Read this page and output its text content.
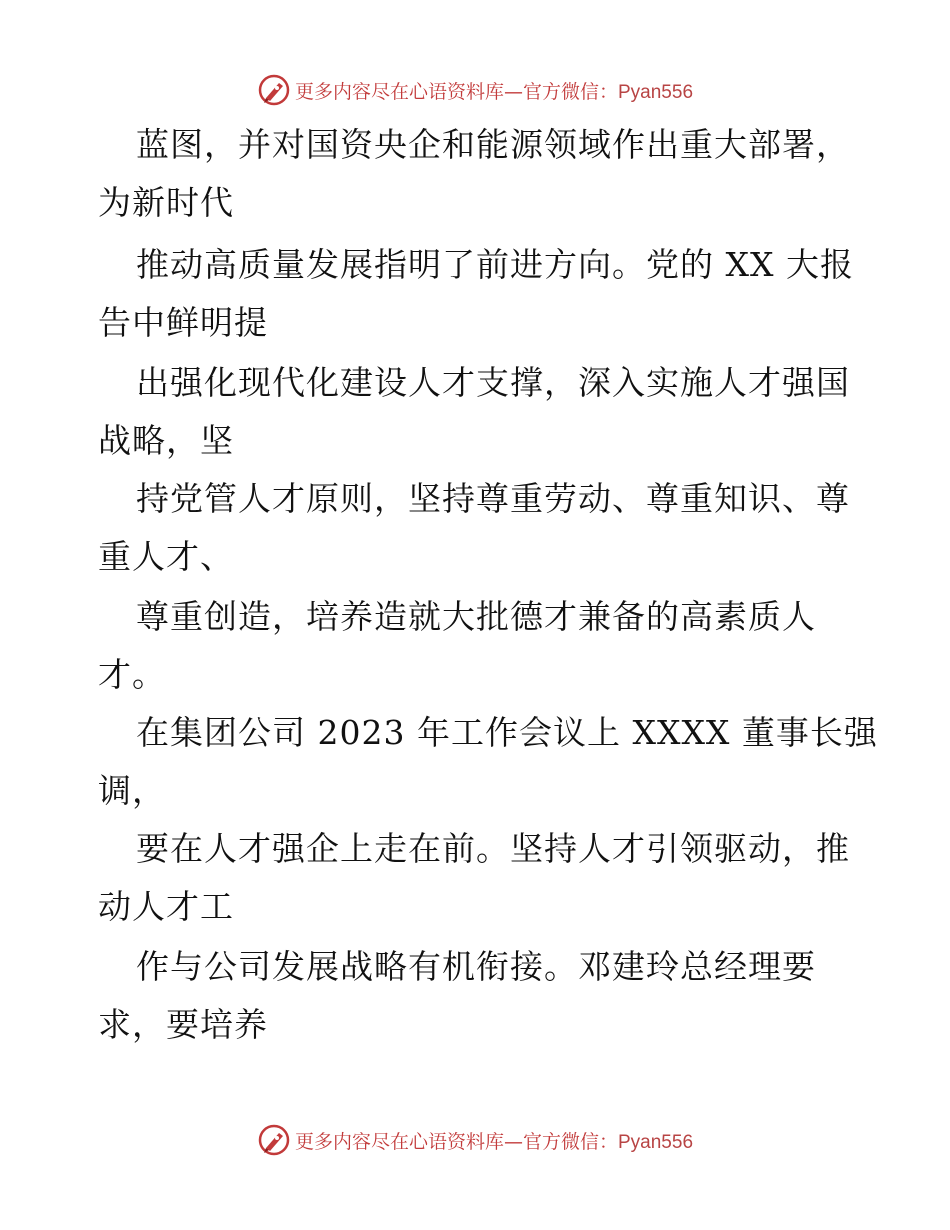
更多内容尽在心语资料库—官方微信：Pyan556
蓝图，并对国资央企和能源领域作出重大部署，
为新时代
推动高质量发展指明了前进方向。党的 XX 大报
告中鲜明提
出强化现代化建设人才支撑，深入实施人才强国
战略，坚
持党管人才原则，坚持尊重劳动、尊重知识、尊
重人才、
尊重创造，培养造就大批德才兼备的高素质人
才。
在集团公司 2023 年工作会议上 XXXX 董事长强
调，
要在人才强企上走在前。坚持人才引领驱动，推
动人才工
作与公司发展战略有机衔接。邓建玲总经理要
求，要培养
更多内容尽在心语资料库—官方微信：Pyan556
